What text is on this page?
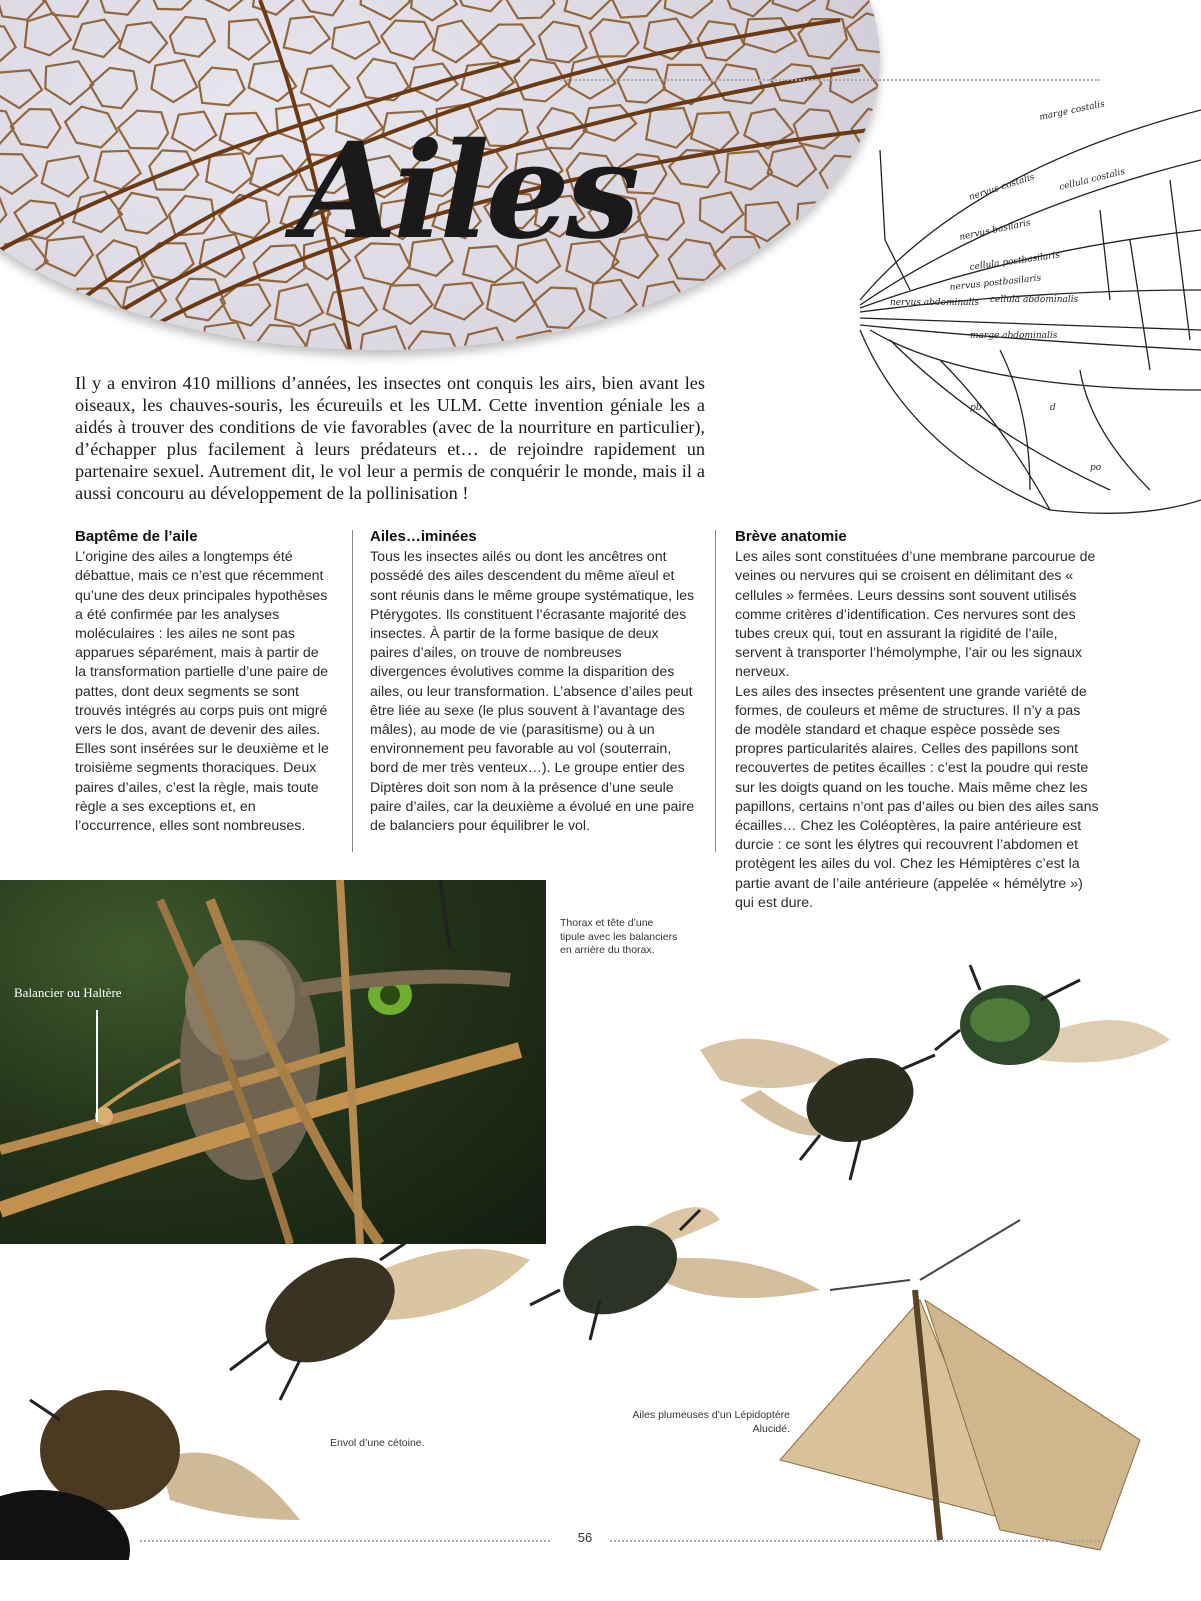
Ailes
marge costalis
nervus costalis
nervus basilaris
cellula costalis
nervus postbasilaris
cellula postbasilaris
nervus abdominalis cellula abdominalis
marge abdominalis
pb	d
po

Il y a environ 410 millions d’années, les insectes ont conquis les airs, bien avant les oiseaux, les chauves-souris, les écureuils et les ULM. Cette invention géniale les a aidés à trouver des conditions de vie favorables (avec de la nourriture en particulier), d’échapper plus facilement à leurs prédateurs et… de rejoindre rapidement un partenaire sexuel. Autrement dit, le vol leur a permis de conquérir le monde, mais il a aussi concouru au développement de la pollinisation !

Baptême de l’aile

L’origine des ailes a longtemps été débattue, mais ce n’est que récemment qu’une des deux principales hypothèses a été confirmée par les analyses moléculaires : les ailes ne sont pas apparues séparément, mais à partir de la transformation partielle d’une paire de pattes, dont deux segments se sont trouvés intégrés au corps puis ont migré vers le dos, avant de devenir des ailes. Elles sont insérées sur le deuxième et le troisième segments thoraciques. Deux paires d’ailes, c’est la règle, mais toute règle a ses exceptions et, en l’occurrence, elles sont nombreuses.

Ailes…iminées

Tous les insectes ailés ou dont les ancêtres ont possédé des ailes descendent du même aïeul et sont réunis dans le même groupe systématique, les Ptérygotes. Ils constituent l’écrasante majorité des insectes. À partir de la forme basique de deux paires d’ailes, on trouve de nombreuses divergences évolutives comme la disparition des ailes, ou leur transformation. L’absence d’ailes peut être liée au sexe (le plus souvent à l’avantage des mâles), au mode de vie (parasitisme) ou à un environnement peu favorable au vol (souterrain, bord de mer très venteux…). Le groupe entier des Diptères doit son nom à la présence d’une seule paire d’ailes, car la deuxième a évolué en une paire de balanciers pour équilibrer le vol.

Brève anatomie

Les ailes sont constituées d’une membrane parcourue de veines ou nervures qui se croisent en délimitant des « cellules » fermées. Leurs dessins sont souvent utilisés comme critères d’identification. Ces nervures sont des tubes creux qui, tout en assurant la rigidité de l’aile, servent à transporter l’hémolymphe, l’air ou les signaux nerveux.

Les ailes des insectes présentent une grande variété de formes, de couleurs et même de structures. Il n’y a pas de modèle standard et chaque espèce possède ses propres particularités alaires. Celles des papillons sont recouvertes de petites écailles : c’est la poudre qui reste sur les doigts quand on les touche. Mais même chez les papillons, certains n’ont pas d’ailes ou bien des ailes sans écailles… Chez les Coléoptères, la paire antérieure est durcie : ce sont les élytres qui recouvrent l’abdomen et protègent les ailes du vol. Chez les Hémiptères c’est la partie avant de l’aile antérieure (appelée « hémélytre ») qui est dure.

Balancier ou Haltère
Thorax et tête d’une tipule avec les balanciers en arrière du thorax.
Envol d’une cétoine.
Ailes plumeuses d’un Lépidoptère Alucidé.
56
